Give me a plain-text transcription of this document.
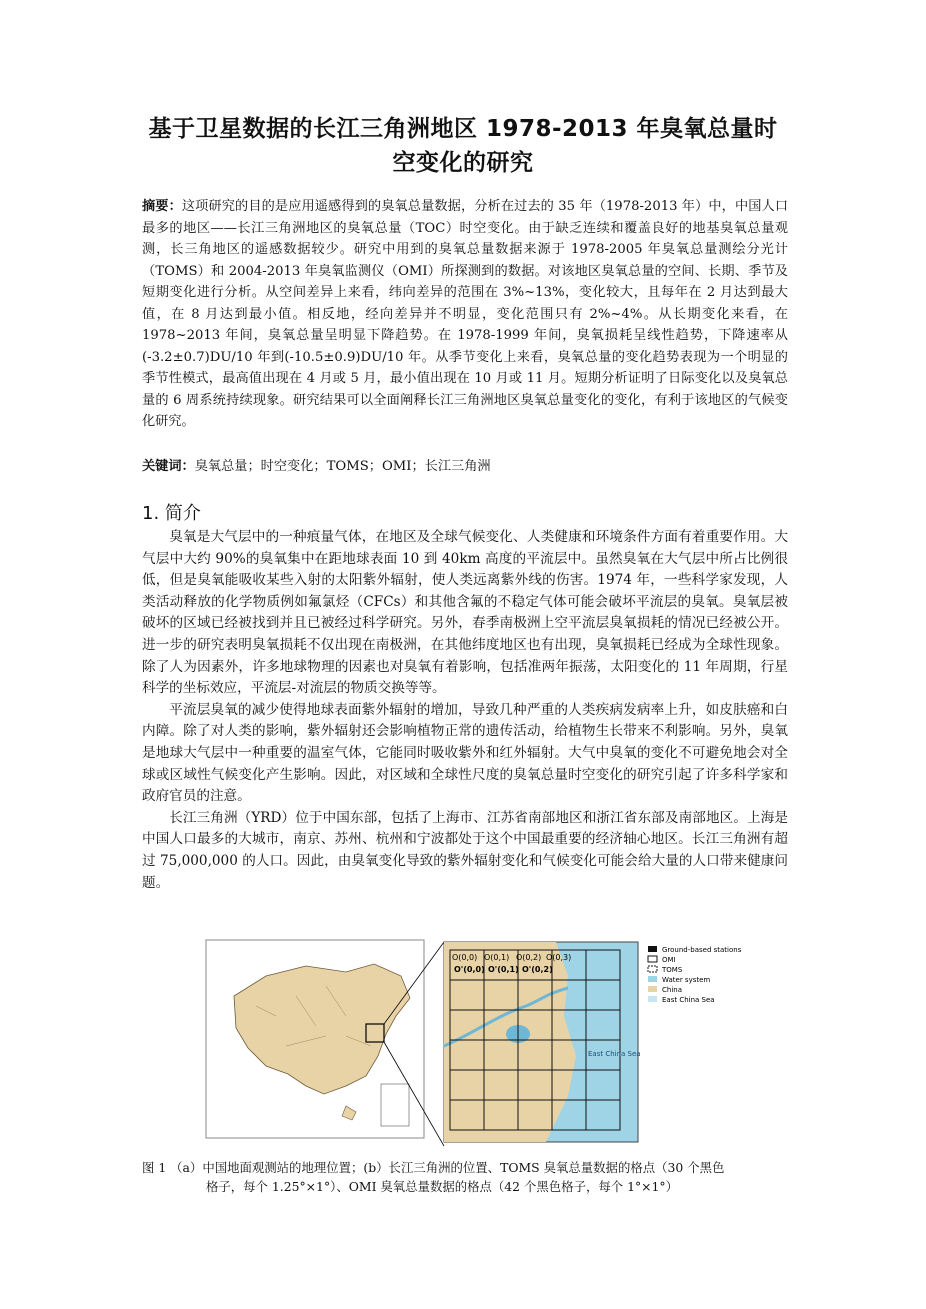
基于卫星数据的长江三角洲地区 1978-2013 年臭氧总量时
空变化的研究
摘要：这项研究的目的是应用遥感得到的臭氧总量数据，分析在过去的 35 年（1978-2013 年）中，中国人口最多的地区——长江三角洲地区的臭氧总量（TOC）时空变化。由于缺乏连续和覆盖良好的地基臭氧总量观测，长三角地区的遥感数据较少。研究中用到的臭氧总量数据来源于 1978-2005 年臭氧总量测绘分光计（TOMS）和 2004-2013 年臭氧监测仪（OMI）所探测到的数据。对该地区臭氧总量的空间、长期、季节及短期变化进行分析。从空间差异上来看，纬向差异的范围在 3%~13%，变化较大，且每年在 2 月达到最大值，在 8 月达到最小值。相反地，经向差异并不明显，变化范围只有 2%~4%。从长期变化来看，在 1978~2013 年间，臭氧总量呈明显下降趋势。在 1978-1999 年间，臭氧损耗呈线性趋势，下降速率从(-3.2±0.7)DU/10 年到(-10.5±0.9)DU/10 年。从季节变化上来看，臭氧总量的变化趋势表现为一个明显的季节性模式，最高值出现在 4 月或 5 月，最小值出现在 10 月或 11 月。短期分析证明了日际变化以及臭氧总量的 6 周系统持续现象。研究结果可以全面阐释长江三角洲地区臭氧总量变化的变化，有利于该地区的气候变化研究。
关键词：臭氧总量；时空变化；TOMS；OMI；长江三角洲
1. 简介

臭氧是大气层中的一种痕量气体，在地区及全球气候变化、人类健康和环境条件方面有着重要作用。大气层中大约 90%的臭氧集中在距地球表面 10 到 40km 高度的平流层中。虽然臭氧在大气层中所占比例很低，但是臭氧能吸收某些入射的太阳紫外辐射，使人类远离紫外线的伤害。1974 年，一些科学家发现，人类活动释放的化学物质例如氟氯烃（CFCs）和其他含氟的不稳定气体可能会破坏平流层的臭氧。臭氧层被破坏的区域已经被找到并且已被经过科学研究。另外，春季南极洲上空平流层臭氧损耗的情况已经被公开。进一步的研究表明臭氧损耗不仅出现在南极洲，在其他纬度地区也有出现，臭氧损耗已经成为全球性现象。除了人为因素外，许多地球物理的因素也对臭氧有着影响，包括准两年振荡，太阳变化的 11 年周期，行星科学的坐标效应，平流层-对流层的物质交换等等。

平流层臭氧的减少使得地球表面紫外辐射的增加，导致几种严重的人类疾病发病率上升，如皮肤癌和白内障。除了对人类的影响，紫外辐射还会影响植物正常的遗传活动，给植物生长带来不利影响。另外，臭氧是地球大气层中一种重要的温室气体，它能同时吸收紫外和红外辐射。大气中臭氧的变化不可避免地会对全球或区域性气候变化产生影响。因此，对区域和全球性尺度的臭氧总量时空变化的研究引起了许多科学家和政府官员的注意。

长江三角洲（YRD）位于中国东部，包括了上海市、江苏省南部地区和浙江省东部及南部地区。上海是中国人口最多的大城市，南京、苏州、杭州和宁波都处于这个中国最重要的经济轴心地区。长江三角洲有超过 75,000,000 的人口。因此，由臭氧变化导致的紫外辐射变化和气候变化可能会给大量的人口带来健康问题。

O(0,0) O(0,1) O(0,2) O(0,3)
O'(0,0) O'(0,1) O'(0,2)
East China Sea
Ground-based stations
OMI
TOMS
Water system
China
East China Sea
图 1 （a）中国地面观测站的地理位置；(b）长江三角洲的位置、TOMS 臭氧总量数据的格点（30 个黑色
格子，每个 1.25°×1°）、OMI 臭氧总量数据的格点（42 个黑色格子，每个 1°×1°）
